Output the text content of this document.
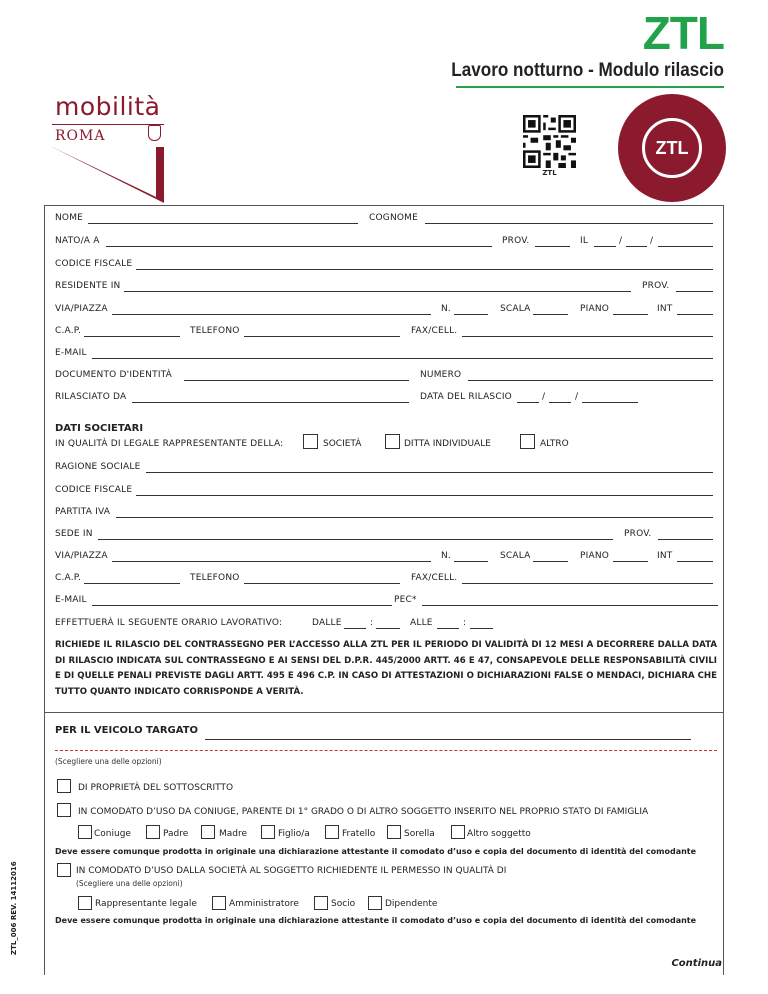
ZTL
Lavoro notturno - Modulo rilascio
mobilità
ROMA
ZTL
ZTL
NOME	COGNOME
NATO/A A	PROV.	IL	/	/
CODICE FISCALE
RESIDENTE IN	PROV.
VIA/PIAZZA	N.	SCALA	PIANO	INT
C.A.P.	TELEFONO	FAX/CELL.
E-MAIL
DOCUMENTO D'IDENTITÀ	NUMERO
RILASCIATO DA	DATA DEL RILASCIO	/	/
DATI SOCIETARI
IN QUALITÀ DI LEGALE RAPPRESENTANTE DELLA:	SOCIETÀ	DITTA INDIVIDUALE	ALTRO
RAGIONE SOCIALE
CODICE FISCALE
PARTITA IVA
SEDE IN	PROV.
VIA/PIAZZA	N.	SCALA	PIANO	INT
C.A.P.	TELEFONO	FAX/CELL.
E-MAIL	PEC*
EFFETTUERÀ IL SEGUENTE ORARIO LAVORATIVO:	DALLE	:	ALLE	:
RICHIEDE IL RILASCIO DEL CONTRASSEGNO PER L’ACCESSO ALLA ZTL PER IL PERIODO DI VALIDITÀ DI 12 MESI A DECORRERE DALLA DATA DI RILASCIO INDICATA SUL CONTRASSEGNO E AI SENSI DEL D.P.R. 445/2000 ARTT. 46 E 47, CONSAPEVOLE DELLE RESPONSABILITÀ CIVILI E DI QUELLE PENALI PREVISTE DAGLI ARTT. 495 E 496 C.P. IN CASO DI ATTESTAZIONI O DICHIARAZIONI FALSE O MENDACI, DICHIARA CHE TUTTO QUANTO INDICATO CORRISPONDE A VERITÀ.
PER IL VEICOLO TARGATO
(Scegliere una delle opzioni)
DI PROPRIETÀ DEL SOTTOSCRITTO
IN COMODATO D’USO DA CONIUGE, PARENTE DI 1° GRADO O DI ALTRO SOGGETTO INSERITO NEL PROPRIO STATO DI FAMIGLIA
Coniuge	Padre	Madre	Figlio/a	Fratello	Sorella	Altro soggetto
Deve essere comunque prodotta in originale una dichiarazione attestante il comodato d’uso e copia del documento di identità del comodante
IN COMODATO D’USO DALLA SOCIETÀ AL SOGGETTO RICHIEDENTE IL PERMESSO IN QUALITÀ DI
(Scegliere una delle opzioni)
Rappresentante legale	Amministratore	Socio	Dipendente
Deve essere comunque prodotta in originale una dichiarazione attestante il comodato d’uso e copia del documento di identità del comodante
ZTL_006 REV. 14112016
Continua
